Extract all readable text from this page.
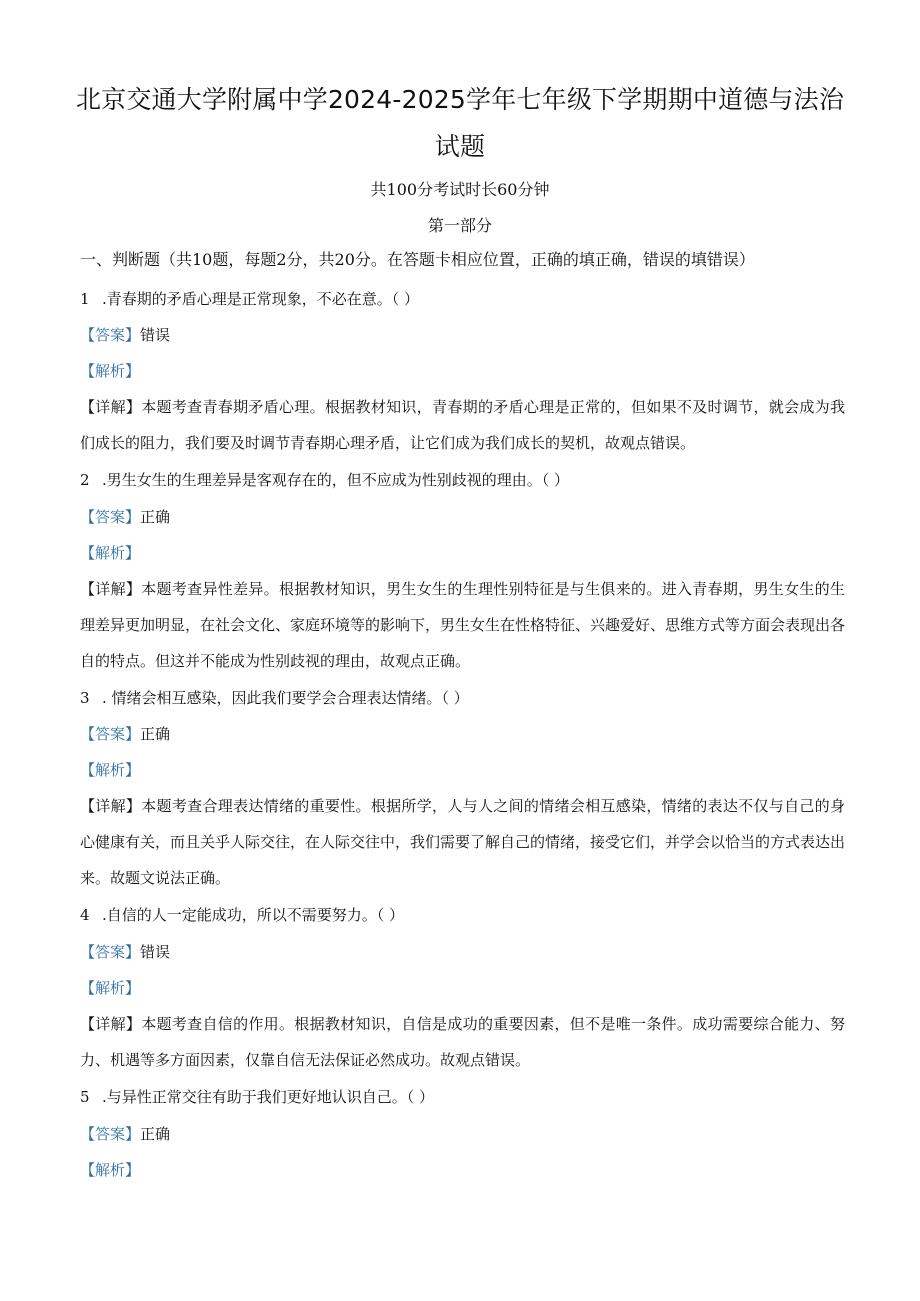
北京交通大学附属中学2024-2025学年七年级下学期期中道德与法治
试题
共100分考试时长60分钟
第一部分
一、判断题（共10题，每题2分，共20分。在答题卡相应位置，正确的填正确，错误的填错误）
1 .青春期的矛盾心理是正常现象，不必在意。（ ）
【答案】错误
【解析】
【详解】本题考查青春期矛盾心理。根据教材知识，青春期的矛盾心理是正常的，但如果不及时调节，就会成为我们成长的阻力，我们要及时调节青春期心理矛盾，让它们成为我们成长的契机，故观点错误。
2 .男生女生的生理差异是客观存在的，但不应成为性别歧视的理由。（ ）
【答案】正确
【解析】
【详解】本题考查异性差异。根据教材知识，男生女生的生理性别特征是与生俱来的。进入青春期，男生女生的生理差异更加明显，在社会文化、家庭环境等的影响下，男生女生在性格特征、兴趣爱好、思维方式等方面会表现出各自的特点。但这并不能成为性别歧视的理由，故观点正确。
3 . 情绪会相互感染，因此我们要学会合理表达情绪。（ ）
【答案】正确
【解析】
【详解】本题考查合理表达情绪的重要性。根据所学，人与人之间的情绪会相互感染，情绪的表达不仅与自己的身心健康有关，而且关乎人际交往，在人际交往中，我们需要了解自己的情绪，接受它们，并学会以恰当的方式表达出来。故题文说法正确。
4 .自信的人一定能成功，所以不需要努力。（ ）
【答案】错误
【解析】
【详解】本题考查自信的作用。根据教材知识，自信是成功的重要因素，但不是唯一条件。成功需要综合能力、努力、机遇等多方面因素，仅靠自信无法保证必然成功。故观点错误。
5 .与异性正常交往有助于我们更好地认识自己。（ ）
【答案】正确
【解析】
